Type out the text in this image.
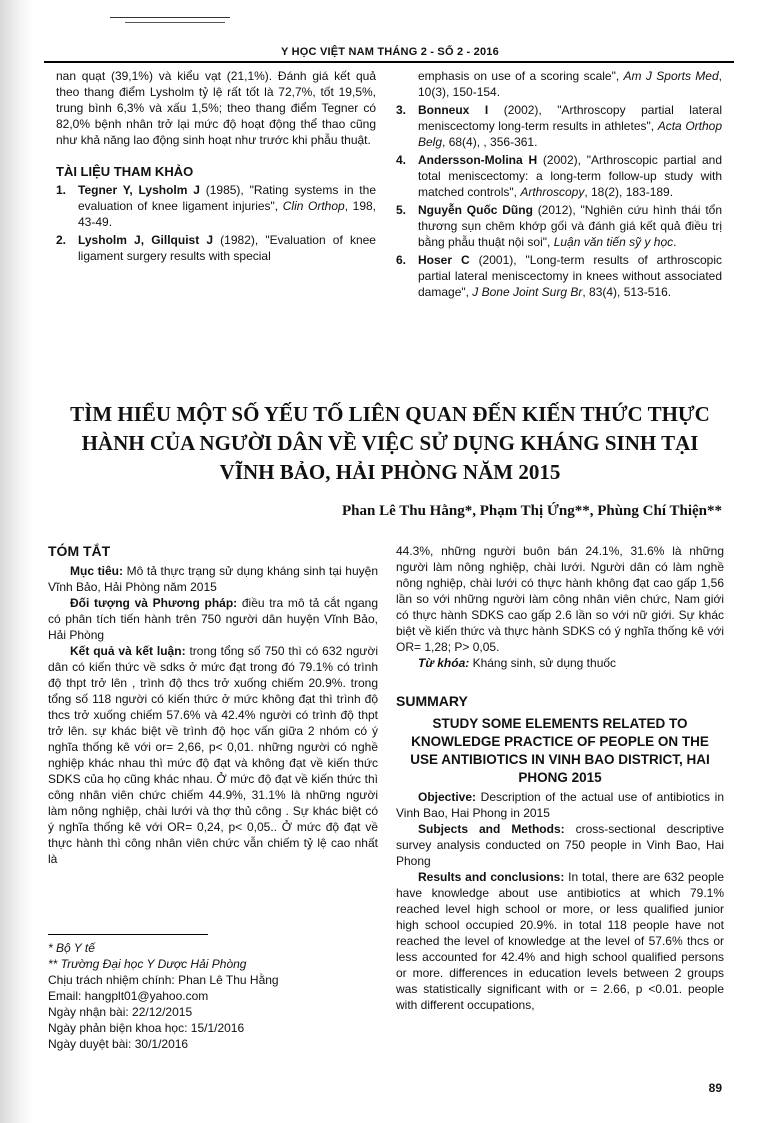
Y HỌC VIỆT NAM THÁNG 2 - SỐ 2 - 2016

nan quạt (39,1%) và kiểu vạt (21,1%). Đánh giá kết quả theo thang điểm Lysholm tỷ lệ rất tốt là 72,7%, tốt 19,5%, trung bình 6,3% và xấu 1,5%; theo thang điểm Tegner có 82,0% bệnh nhân trở lại mức độ hoạt động thể thao cũng như khả năng lao động sinh hoạt như trước khi phẫu thuật.

TÀI LIỆU THAM KHẢO

1. Tegner Y, Lysholm J (1985), "Rating systems in the evaluation of knee ligament injuries", Clin Orthop, 198, 43-49.
2. Lysholm J, Gillquist J (1982), "Evaluation of knee ligament surgery results with special
emphasis on use of a scoring scale", Am J Sports Med, 10(3), 150-154.
3. Bonneux I (2002), "Arthroscopy partial lateral meniscectomy long-term results in athletes", Acta Orthop Belg, 68(4), , 356-361.
4. Andersson-Molina H (2002), "Arthroscopic partial and total meniscectomy: a long-term follow-up study with matched controls", Arthroscopy, 18(2), 183-189.
5. Nguyễn Quốc Dũng (2012), "Nghiên cứu hình thái tổn thương sụn chêm khớp gối và đánh giá kết quả điều trị bằng phẫu thuật nội soi", Luận văn tiến sỹ y học.
6. Hoser C (2001), "Long-term results of arthroscopic partial lateral meniscectomy in knees without associated damage", J Bone Joint Surg Br, 83(4), 513-516.
TÌM HIỂU MỘT SỐ YẾU TỐ LIÊN QUAN ĐẾN KIẾN THỨC THỰC HÀNH CỦA NGƯỜI DÂN VỀ VIỆC SỬ DỤNG KHÁNG SINH TẠI VĨNH BẢO, HẢI PHÒNG NĂM 2015
Phan Lê Thu Hằng*, Phạm Thị Ứng**, Phùng Chí Thiện**

TÓM TẮT

Mục tiêu: Mô tả thực trạng sử dụng kháng sinh tại huyện Vĩnh Bảo, Hải Phòng năm 2015

Đối tượng và Phương pháp: điều tra mô tả cắt ngang có phân tích tiến hành trên 750 người dân huyện Vĩnh Bảo, Hải Phòng

Kết quả và kết luận: trong tổng số 750 thì có 632 người dân có kiến thức về sdks ở mức đạt trong đó 79.1% có trình độ thpt trở lên , trình độ thcs trở xuống chiếm 20.9%. trong tổng số 118 người có kiến thức ở mức không đạt thì trình độ thcs trở xuống chiếm 57.6% và 42.4% người có trình độ thpt trở lên. sự khác biệt về trình độ học vấn giữa 2 nhóm có ý nghĩa thống kê với or= 2,66, p< 0,01. những người có nghề nghiệp khác nhau thì mức độ đạt và không đạt về kiến thức SDKS của họ cũng khác nhau. Ở mức độ đạt về kiến thức thì công nhân viên chức chiếm 44.9%, 31.1% là những người làm nông nghiệp, chài lưới và thợ thủ công . Sự khác biệt có ý nghĩa thống kê với OR= 0,24, p< 0,05.. Ở mức độ đạt về thực hành thì công nhân viên chức vẫn chiếm tỷ lệ cao nhất là

44.3%, những người buôn bán 24.1%, 31.6% là những người làm nông nghiệp, chài lưới. Người dân có làm nghề nông nghiệp, chài lưới có thực hành không đạt cao gấp 1,56 lần so với những người làm công nhân viên chức, Nam giới có thực hành SDKS cao gấp 2.6 lần so với nữ giới. Sự khác biệt về kiến thức và thực hành SDKS có ý nghĩa thống kê với OR= 1,28; P> 0,05.

Từ khóa: Kháng sinh, sử dụng thuốc

SUMMARY

STUDY SOME ELEMENTS RELATED TO KNOWLEDGE PRACTICE OF PEOPLE ON THE USE ANTIBIOTICS IN VINH BAO DISTRICT, HAI PHONG 2015

Objective: Description of the actual use of antibiotics in Vinh Bao, Hai Phong in 2015

Subjects and Methods: cross-sectional descriptive survey analysis conducted on 750 people in Vinh Bao, Hai Phong

Results and conclusions: In total, there are 632 people have knowledge about use antibiotics at which 79.1% reached level high school or more, or less qualified junior high school occupied 20.9%. in total 118 people have not reached the level of knowledge at the level of 57.6% thcs or less accounted for 42.4% and high school qualified persons or more. differences in education levels between 2 groups was statistically significant with or = 2.66, p <0.01. people with different occupations,

* Bộ Y tế

** Trường Đại học Y Dược Hải Phòng

Chịu trách nhiệm chính: Phan Lê Thu Hằng

Email: hangplt01@yahoo.com

Ngày nhận bài: 22/12/2015

Ngày phản biện khoa học: 15/1/2016

Ngày duyệt bài: 30/1/2016

89
